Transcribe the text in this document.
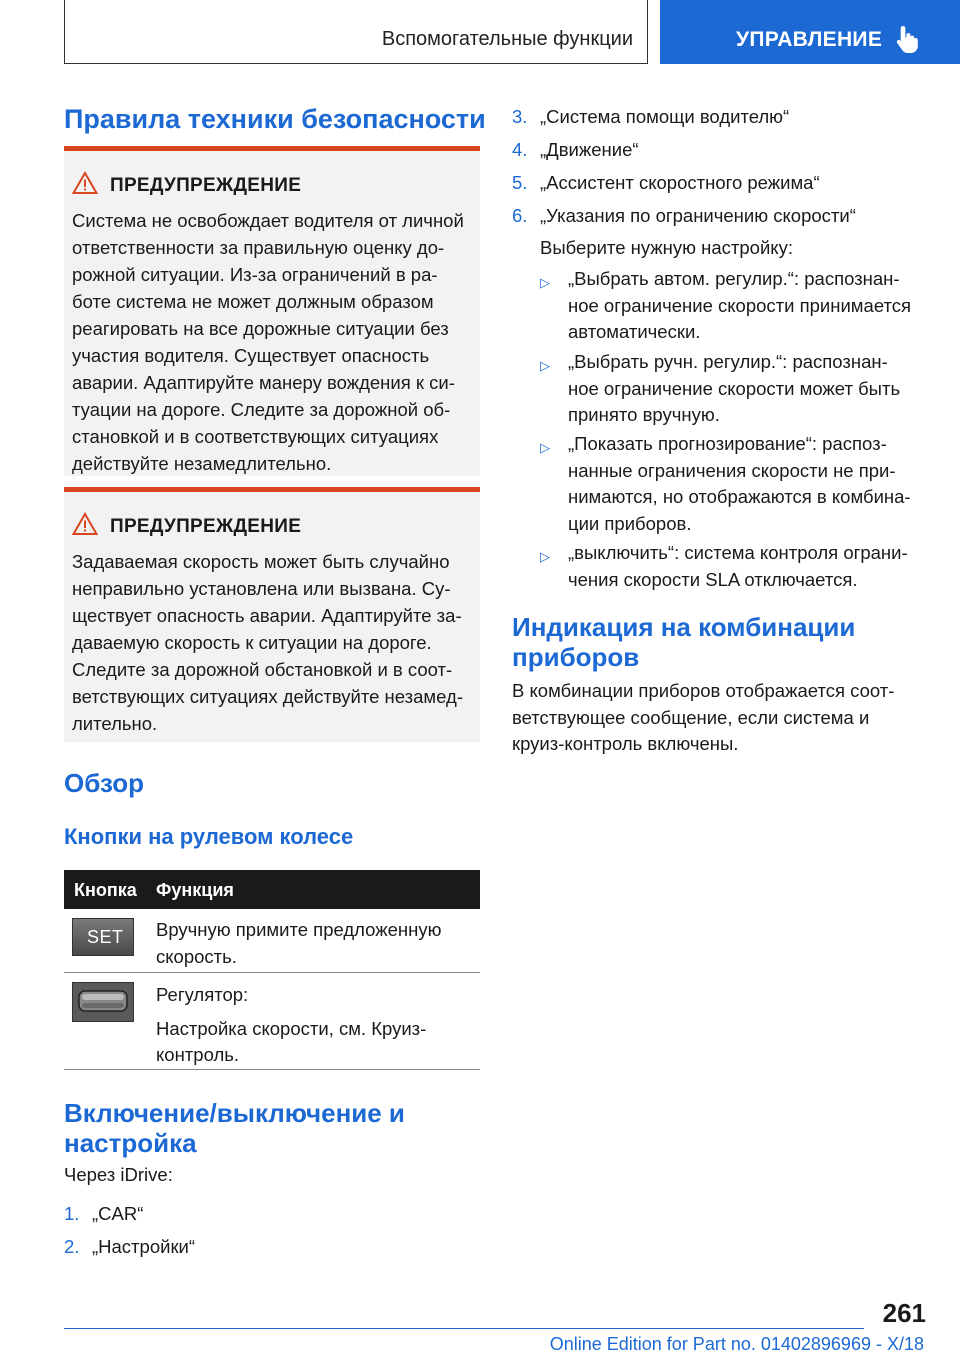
Вспомогательные функции	УПРАВЛЕНИЕ
Правила техники безопасности
ПРЕДУПРЕЖДЕНИЕ
Система не освобождает водителя от личной
ответственности за правильную оценку до-
рожной ситуации. Из-за ограничений в ра-
боте система не может должным образом
реагировать на все дорожные ситуации без
участия водителя. Существует опасность
аварии. Адаптируйте манеру вождения к си-
туации на дороге. Следите за дорожной об-
становкой и в соответствующих ситуациях
действуйте незамедлительно.
ПРЕДУПРЕЖДЕНИЕ
Задаваемая скорость может быть случайно
неправильно установлена или вызвана. Су-
ществует опасность аварии. Адаптируйте за-
даваемую скорость к ситуации на дороге.
Следите за дорожной обстановкой и в соот-
ветствующих ситуациях действуйте незамед-
лительно.
Обзор
Кнопки на рулевом колесе
Кнопка Функция
SET Вручную примите предложенную
скорость.
Регулятор:
Настройка скорости, см. Круиз-
контроль.
Включение/выключение и
настройка
Через iDrive:
1. „CAR“
2. „Настройки“
3. „Система помощи водителю“
4. „Движение“
5. „Ассистент скоростного режима“
6. „Указания по ограничению скорости“
Выберите нужную настройку:
▷ „Выбрать автом. регулир.“: распознан-
ное ограничение скорости принимается
автоматически.
▷ „Выбрать ручн. регулир.“: распознан-
ное ограничение скорости может быть
принято вручную.
▷ „Показать прогнозирование“: распоз-
нанные ограничения скорости не при-
нимаются, но отображаются в комбина-
ции приборов.
▷ „выключить“: система контроля ограни-
чения скорости SLA отключается.
Индикация на комбинации
приборов
В комбинации приборов отображается соот-
ветствующее сообщение, если система и
круиз-контроль включены.
261
Online Edition for Part no. 01402896969 - X/18
